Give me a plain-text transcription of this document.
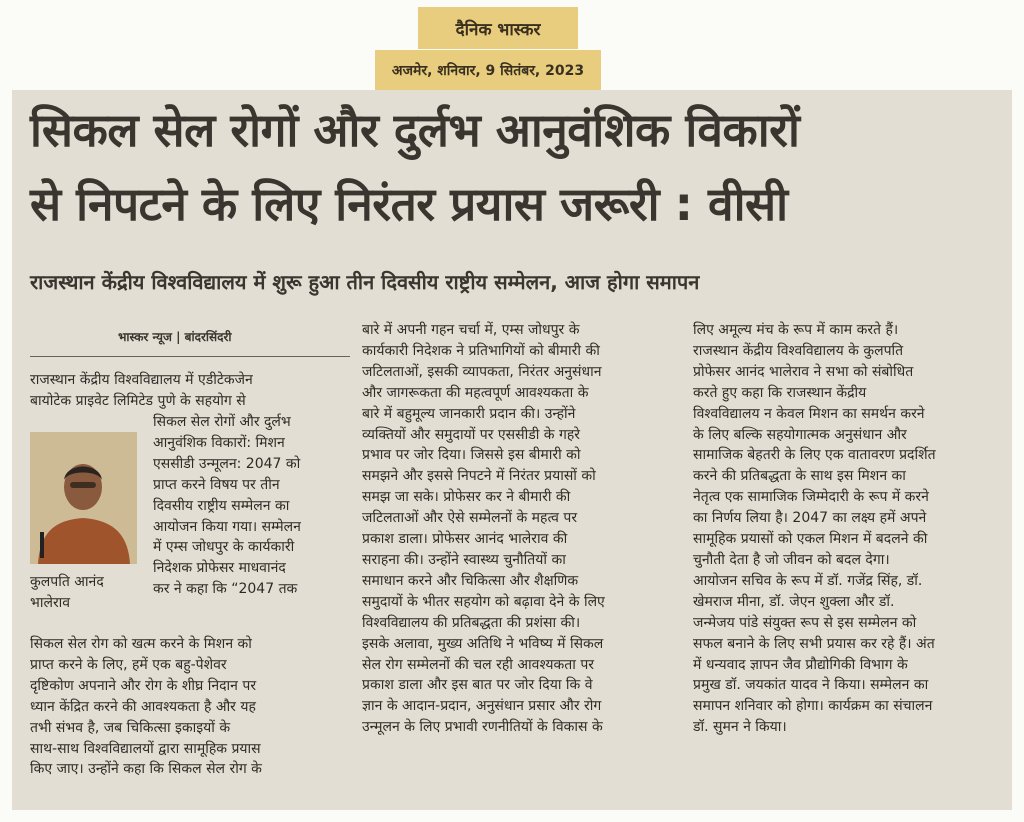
दैनिक भास्कर
अजमेर, शनिवार, 9 सितंबर, 2023
सिकल सेल रोगों और दुर्लभ आनुवंशिक विकारों
से निपटने के लिए निरंतर प्रयास जरूरी : वीसी
राजस्थान केंद्रीय विश्वविद्यालय में शुरू हुआ तीन दिवसीय राष्ट्रीय सम्मेलन, आज होगा समापन
भास्कर न्यूज | बांदरसिंदरी
राजस्थान केंद्रीय विश्वविद्यालय में एडीटेकजेन
बायोटेक प्राइवेट लिमिटेड पुणे के सहयोग से
सिकल सेल रोगों और दुर्लभ
आनुवंशिक विकारों: मिशन
एससीडी उन्मूलन: 2047 को
प्राप्त करने विषय पर तीन
दिवसीय राष्ट्रीय सम्मेलन का
आयोजन किया गया। सम्मेलन
में एम्स जोधपुर के कार्यकारी
निदेशक प्रोफेसर माधवानंद
कर ने कहा कि “2047 तक
कुलपति आनंद
भालेराव
सिकल सेल रोग को खत्म करने के मिशन को
प्राप्त करने के लिए, हमें एक बहु-पेशेवर
दृष्टिकोण अपनाने और रोग के शीघ्र निदान पर
ध्यान केंद्रित करने की आवश्यकता है और यह
तभी संभव है, जब चिकित्सा इकाइयों के
साथ-साथ विश्वविद्यालयों द्वारा सामूहिक प्रयास
किए जाए। उन्होंने कहा कि सिकल सेल रोग के
बारे में अपनी गहन चर्चा में, एम्स जोधपुर के
कार्यकारी निदेशक ने प्रतिभागियों को बीमारी की
जटिलताओं, इसकी व्यापकता, निरंतर अनुसंधान
और जागरूकता की महत्वपूर्ण आवश्यकता के
बारे में बहुमूल्य जानकारी प्रदान की। उन्होंने
व्यक्तियों और समुदायों पर एससीडी के गहरे
प्रभाव पर जोर दिया। जिससे इस बीमारी को
समझने और इससे निपटने में निरंतर प्रयासों को
समझ जा सके। प्रोफेसर कर ने बीमारी की
जटिलताओं और ऐसे सम्मेलनों के महत्व पर
प्रकाश डाला। प्रोफेसर आनंद भालेराव की
सराहना की। उन्होंने स्वास्थ्य चुनौतियों का
समाधान करने और चिकित्सा और शैक्षणिक
समुदायों के भीतर सहयोग को बढ़ावा देने के लिए
विश्वविद्यालय की प्रतिबद्धता की प्रशंसा की।
इसके अलावा, मुख्य अतिथि ने भविष्य में सिकल
सेल रोग सम्मेलनों की चल रही आवश्यकता पर
प्रकाश डाला और इस बात पर जोर दिया कि वे
ज्ञान के आदान-प्रदान, अनुसंधान प्रसार और रोग
उन्मूलन के लिए प्रभावी रणनीतियों के विकास के
लिए अमूल्य मंच के रूप में काम करते हैं।
राजस्थान केंद्रीय विश्वविद्यालय के कुलपति
प्रोफेसर आनंद भालेराव ने सभा को संबोधित
करते हुए कहा कि राजस्थान केंद्रीय
विश्वविद्यालय न केवल मिशन का समर्थन करने
के लिए बल्कि सहयोगात्मक अनुसंधान और
सामाजिक बेहतरी के लिए एक वातावरण प्रदर्शित
करने की प्रतिबद्धता के साथ इस मिशन का
नेतृत्व एक सामाजिक जिम्मेदारी के रूप में करने
का निर्णय लिया है। 2047 का लक्ष्य हमें अपने
सामूहिक प्रयासों को एकल मिशन में बदलने की
चुनौती देता है जो जीवन को बदल देगा।
आयोजन सचिव के रूप में डॉ. गजेंद्र सिंह, डॉ.
खेमराज मीना, डॉ. जेएन शुक्ला और डॉ.
जन्मेजय पांडे संयुक्त रूप से इस सम्मेलन को
सफल बनाने के लिए सभी प्रयास कर रहे हैं। अंत
में धन्यवाद ज्ञापन जैव प्रौद्योगिकी विभाग के
प्रमुख डॉ. जयकांत यादव ने किया। सम्मेलन का
समापन शनिवार को होगा। कार्यक्रम का संचालन
डॉ. सुमन ने किया।
